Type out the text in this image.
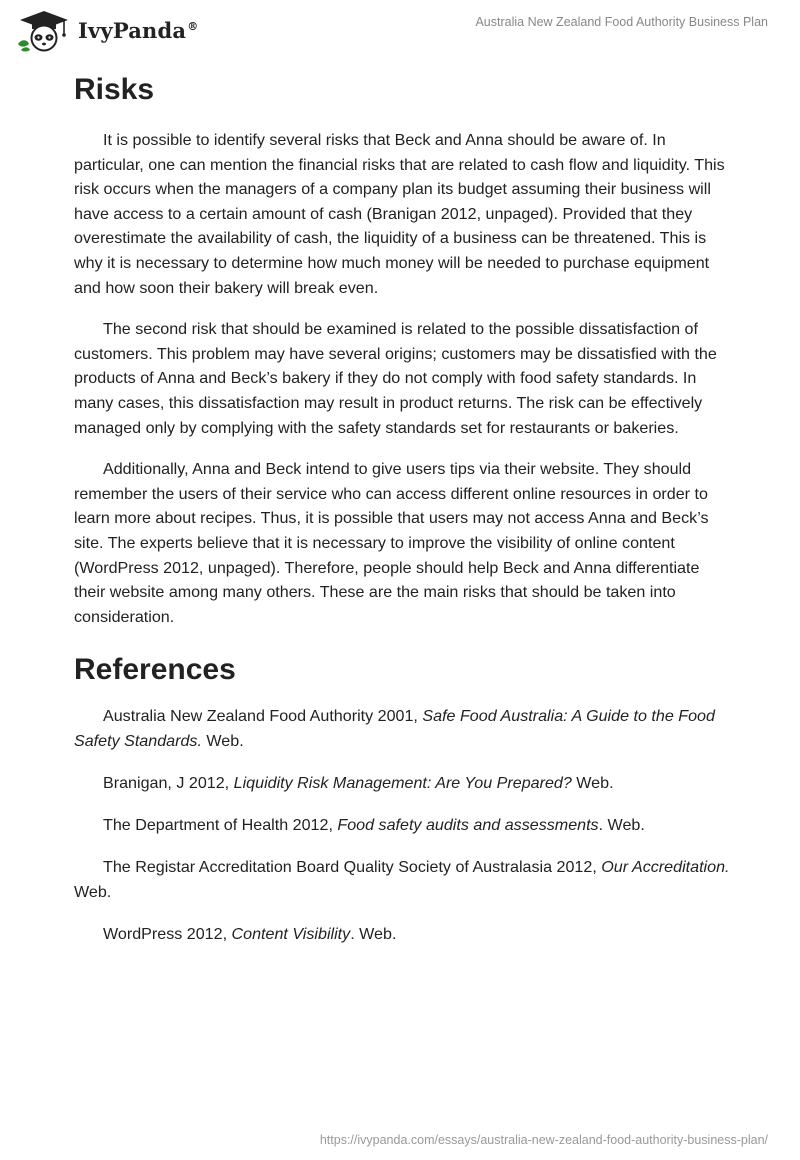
IvyPanda®	Australia New Zealand Food Authority Business Plan
Risks

It is possible to identify several risks that Beck and Anna should be aware of. In particular, one can mention the financial risks that are related to cash flow and liquidity. This risk occurs when the managers of a company plan its budget assuming their business will have access to a certain amount of cash (Branigan 2012, unpaged). Provided that they overestimate the availability of cash, the liquidity of a business can be threatened. This is why it is necessary to determine how much money will be needed to purchase equipment and how soon their bakery will break even.

The second risk that should be examined is related to the possible dissatisfaction of customers. This problem may have several origins; customers may be dissatisfied with the products of Anna and Beck’s bakery if they do not comply with food safety standards. In many cases, this dissatisfaction may result in product returns. The risk can be effectively managed only by complying with the safety standards set for restaurants or bakeries.

Additionally, Anna and Beck intend to give users tips via their website. They should remember the users of their service who can access different online resources in order to learn more about recipes. Thus, it is possible that users may not access Anna and Beck’s site. The experts believe that it is necessary to improve the visibility of online content (WordPress 2012, unpaged). Therefore, people should help Beck and Anna differentiate their website among many others. These are the main risks that should be taken into consideration.

References

Australia New Zealand Food Authority 2001, Safe Food Australia: A Guide to the Food Safety Standards. Web.

Branigan, J 2012, Liquidity Risk Management: Are You Prepared? Web.

The Department of Health 2012, Food safety audits and assessments. Web.

The Registar Accreditation Board Quality Society of Australasia 2012, Our Accreditation. Web.

WordPress 2012, Content Visibility. Web.

https://ivypanda.com/essays/australia-new-zealand-food-authority-business-plan/
